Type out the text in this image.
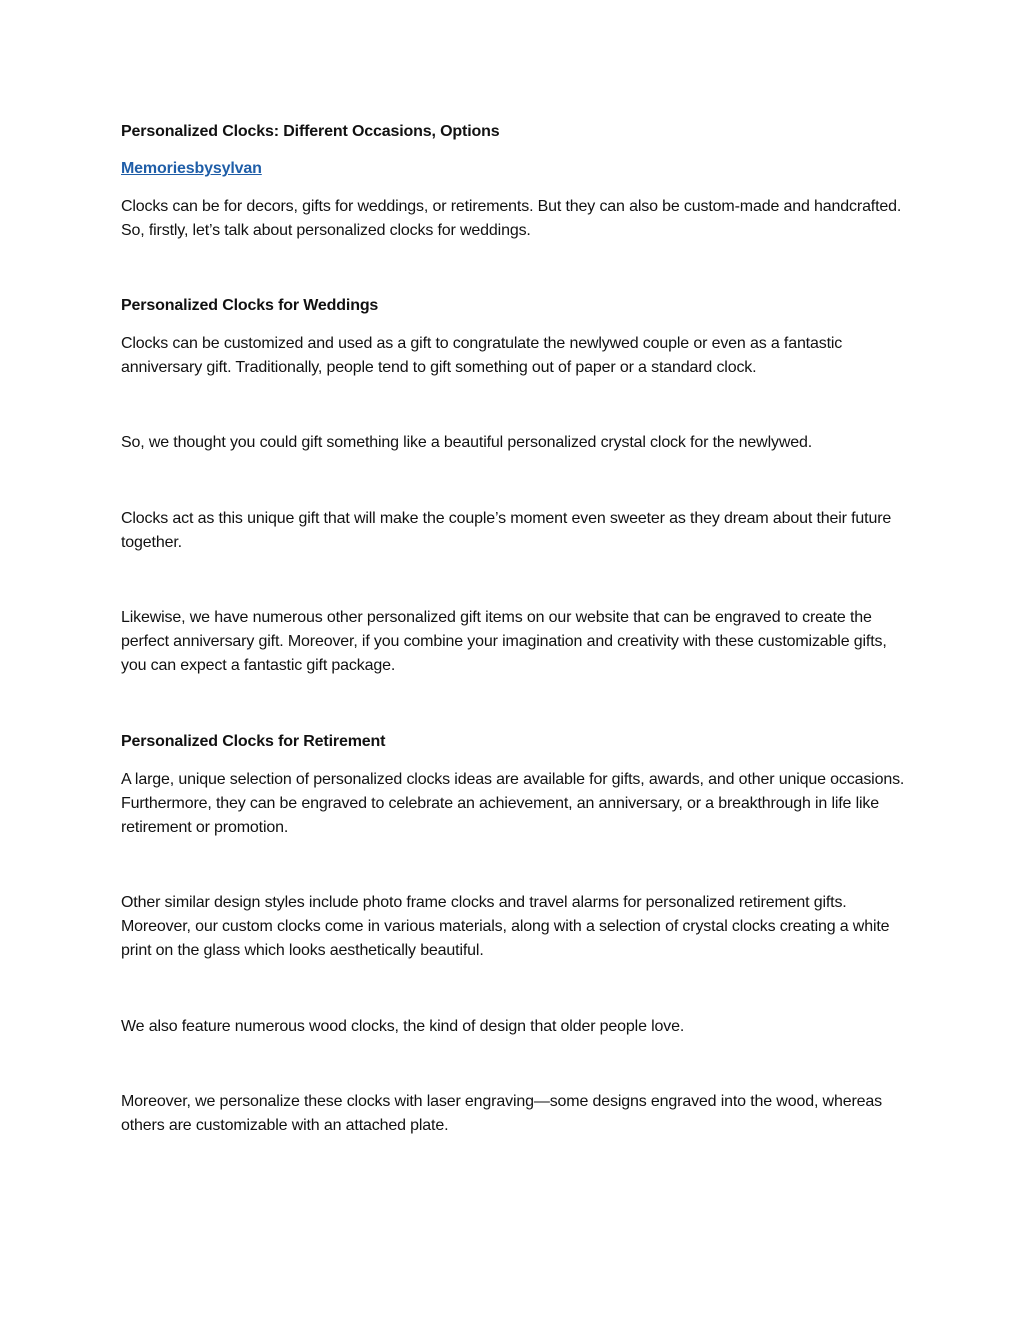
Personalized Clocks: Different Occasions, Options

Memoriesbysylvan

Clocks can be for decors, gifts for weddings, or retirements. But they can also be custom-made and handcrafted. So, firstly, let’s talk about personalized clocks for weddings.

Personalized Clocks for Weddings

Clocks can be customized and used as a gift to congratulate the newlywed couple or even as a fantastic anniversary gift. Traditionally, people tend to gift something out of paper or a standard clock.

So, we thought you could gift something like a beautiful personalized crystal clock for the newlywed.

Clocks act as this unique gift that will make the couple’s moment even sweeter as they dream about their future together.

Likewise, we have numerous other personalized gift items on our website that can be engraved to create the perfect anniversary gift. Moreover, if you combine your imagination and creativity with these customizable gifts, you can expect a fantastic gift package.

Personalized Clocks for Retirement

A large, unique selection of personalized clocks ideas are available for gifts, awards, and other unique occasions. Furthermore, they can be engraved to celebrate an achievement, an anniversary, or a breakthrough in life like retirement or promotion.

Other similar design styles include photo frame clocks and travel alarms for personalized retirement gifts. Moreover, our custom clocks come in various materials, along with a selection of crystal clocks creating a white print on the glass which looks aesthetically beautiful.

We also feature numerous wood clocks, the kind of design that older people love.

Moreover, we personalize these clocks with laser engraving—some designs engraved into the wood, whereas others are customizable with an attached plate.
